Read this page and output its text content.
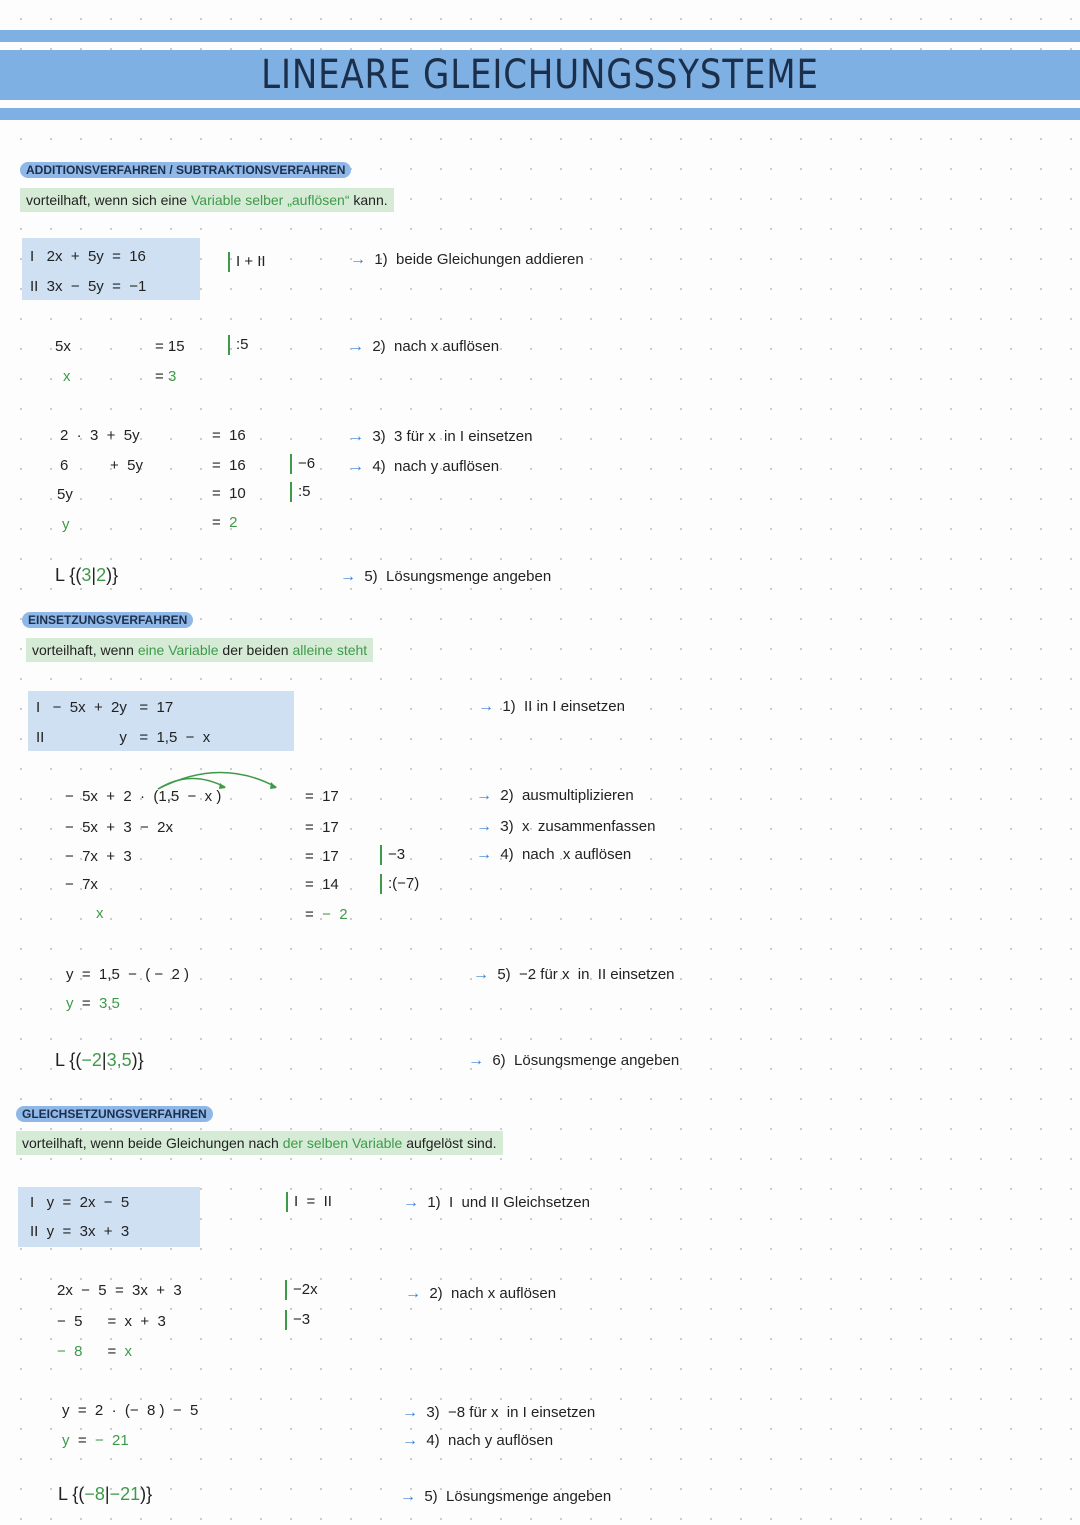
LINEARE GLEICHUNGSSYSTEME
ADDITIONSVERFAHREN / SUBTRAKTIONSVERFAHREN
vorteilhaft, wenn sich eine Variable selber „auflösen“ kann.
I   2x  +  5y  =  16
II  3x  −  5y  =  −1
I + II
5x	= 15	:5
x	= 3
2  ·  3  +  5y	=  16
6          +  5y	=  16	−6
5y	=  10	:5
y	=  2
L {(3|2)}
→ 1)  beide Gleichungen addieren
→ 2)  nach x auflösen
→ 3)  3 für x  in I einsetzen
→ 4)  nach y auflösen
→ 5)  Lösungsmenge angeben
EINSETZUNGSVERFAHREN
vorteilhaft, wenn eine Variable der beiden alleine steht
I   −  5x  +  2y   =  17
II                  y   =  1,5  −  x
−  5x  +  2  ·  (1,5  −  x )	=  17
−  5x  +  3  −  2x	=  17
−  7x  +  3	=  17	−3
−  7x	=  14	:(−7)
x	=  −  2
y  =  1,5  −  ( −  2 )
y  =  3,5
L {(−2|3,5)}
→ 1)  II in I einsetzen
→ 2)  ausmultiplizieren
→ 3)  x  zusammenfassen
→ 4)  nach  x auflösen
→ 5)  −2 für x  in  II einsetzen
→ 6)  Lösungsmenge angeben
GLEICHSETZUNGSVERFAHREN
vorteilhaft, wenn beide Gleichungen nach der selben Variable aufgelöst sind.
I   y  =  2x  −  5
II  y  =  3x  +  3
I  =  II
2x  −  5  =  3x  +  3	−2x
−  5      =  x  +  3	−3
−  8      =  x
y  =  2  ·  (−  8 )  −  5
y  =  −  21
L {(−8|−21)}
→ 1)  I  und II Gleichsetzen
→ 2)  nach x auflösen
→ 3)  −8 für x  in I einsetzen
→ 4)  nach y auflösen
→ 5)  Lösungsmenge angeben
